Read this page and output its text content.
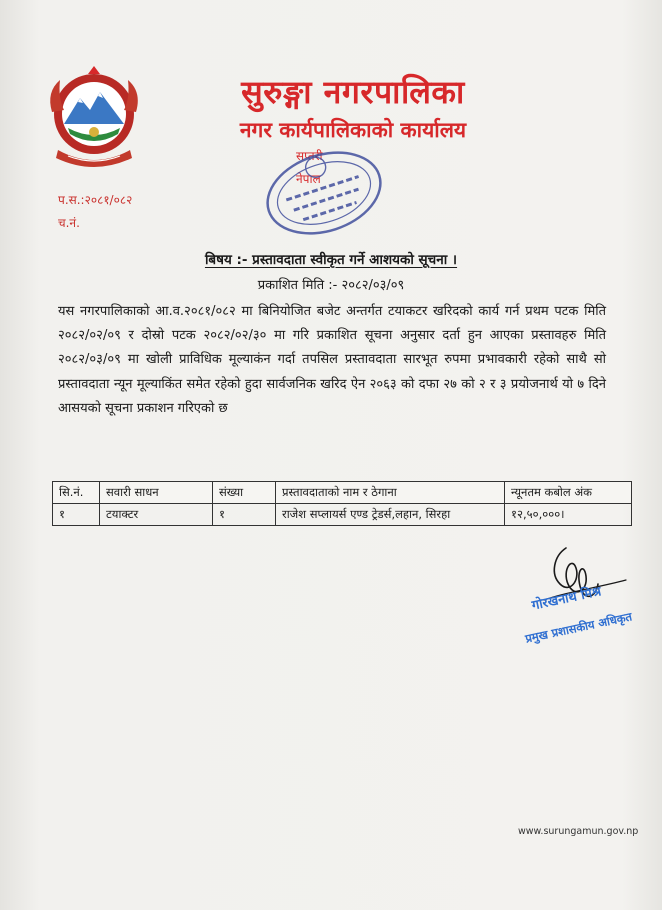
सुरुङ्गा नगरपालिका
नगर कार्यपालिकाको कार्यालय
सप्तरी
नेपाल
प.स.:२०८१/०८२
च.नं.
बिषय :- प्रस्तावदाता स्वीकृत गर्ने आशयको सूचना ।
प्रकाशित मिति :- २०८२/०३/०९
यस नगरपालिकाको आ.व.२०८१/०८२ मा बिनियोजित बजेट अन्तर्गत टयाकटर खरिदको कार्य गर्न प्रथम पटक मिति २०८२/०२/०९ र दोस्रो पटक २०८२/०२/३० मा गरि प्रकाशित सूचना अनुसार दर्ता हुन आएका प्रस्तावहरु मिति २०८२/०३/०९ मा खोली प्राविधिक मूल्याकंन गर्दा तपसिल प्रस्तावदाता सारभूत रुपमा प्रभावकारी रहेको साथै सो प्रस्तावदाता न्यून मूल्याकिंत समेत रहेको हुदा सार्वजनिक खरिद ऐन २०६३ को दफा २७ को २ र ३ प्रयोजनार्थ यो ७ दिने आसयको सूचना प्रकाशन गरिएको छ
सि.नं.	सवारी साधन	संख्या	प्रस्तावदाताको नाम र ठेगाना	न्यूनतम कबोल अंक
१	टयाक्टर	१	राजेश सप्लायर्स एण्ड ट्रेडर्स,लहान, सिरहा	१२,५०,०००।
गोरखनाथ मिश्र
प्रमुख प्रशासकीय अधिकृत
www.surungamun.gov.np
